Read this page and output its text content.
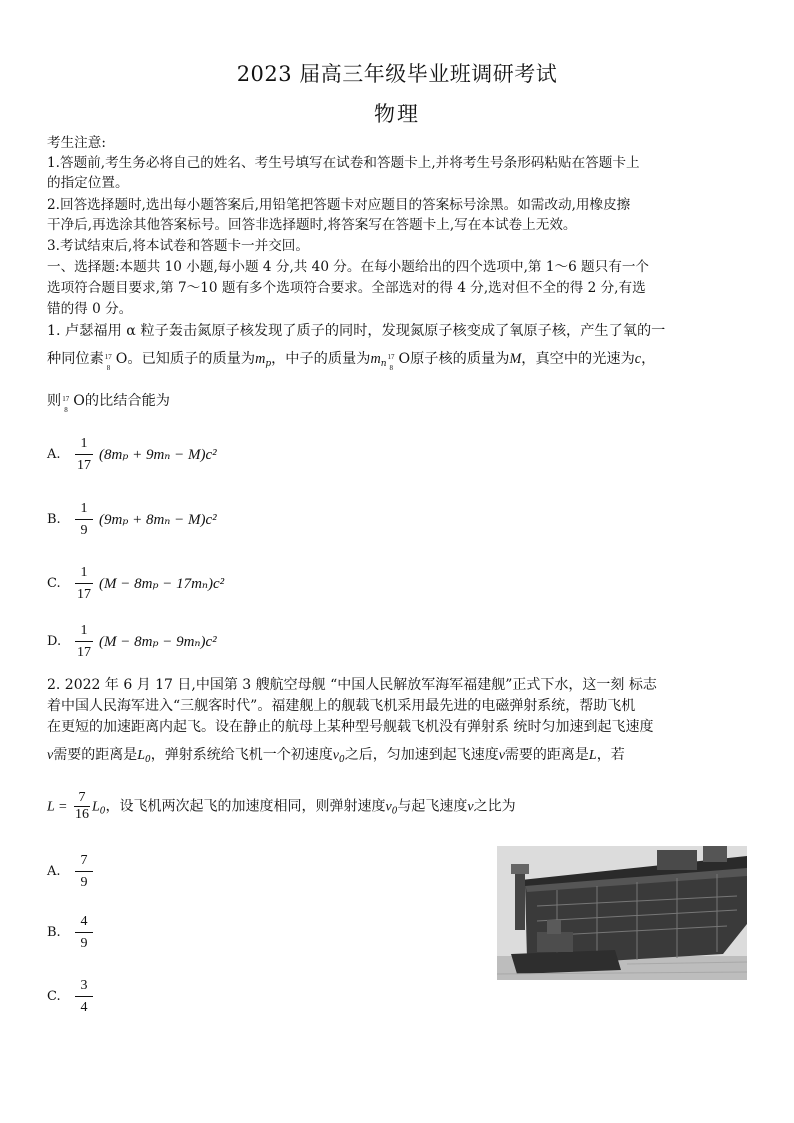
2023 届高三年级毕业班调研考试
物理
考生注意:
1.答题前,考生务必将自己的姓名、考生号填写在试卷和答题卡上,并将考生号条形码粘贴在答题卡上
的指定位置。
2.回答选择题时,选出每小题答案后,用铅笔把答题卡对应题目的答案标号涂黑。如需改动,用橡皮擦
干净后,再选涂其他答案标号。回答非选择题时,将答案写在答题卡上,写在本试卷上无效。
3.考试结束后,将本试卷和答题卡一并交回。
一、选择题:本题共 10 小题,每小题 4 分,共 40 分。在每小题给出的四个选项中,第 1～6 题只有一个
选项符合题目要求,第 7～10 题有多个选项符合要求。全部选对的得 4 分,选对但不全的得 2 分,有选
错的得 0 分。
1. 卢瑟福用 α 粒子轰击氮原子核发现了质子的同时，发现氮原子核变成了氧原子核，产生了氧的一
种同位素 17
8
O。已知质子的质量为$m_p$，中子的质量为$m_n$
17
8
O原子核的质量为M，真空中的光速为c，
则 17
8
O的比结合能为
A.
1
17
(8mₚ + 9mₙ − M)c²
B.
1
9
(9mₚ + 8mₙ − M)c²
C.
1
17
(M − 8mₚ − 17mₙ)c²
D.
1
17
(M − 8mₚ − 9mₙ)c²
2. 2022 年 6 月 17 日,中国第 3 艘航空母舰 “中国人民解放军海军福建舰”正式下水，这一刻 标志
着中国人民海军进入“三舰客时代”。福建舰上的舰载飞机采用最先进的电磁弹射系统，帮助飞机
在更短的加速距离内起飞。设在静止的航母上某种型号舰载飞机没有弹射系 统时匀加速到起飞速度
v需要的距离是$L_0$，弹射系统给飞机一个初速度$v_0$之后，匀加速到起飞速度v需要的距离是L，若
$L = \frac{7}{16} L_0$，设飞机两次起飞的加速度相同，则弹射速度$v_0$与起飞速度v之比为
A.
7
9
B.
4
9
C.
3
4
